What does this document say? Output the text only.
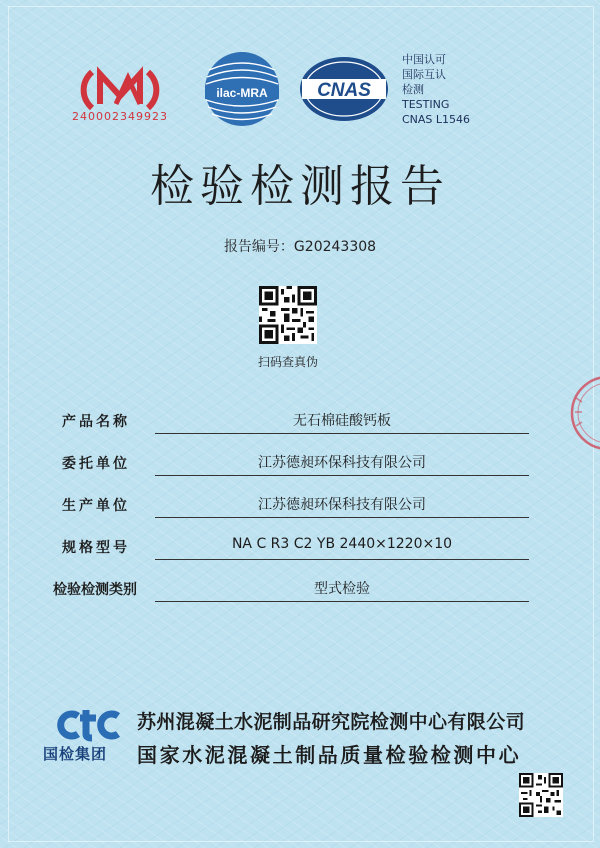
240002349923
ilac-MRA	CNAS
中国认可
国际互认
检测
TESTING
CNAS L1546
检验检测报告
报告编号：G20243308
扫码查真伪
产品名称	无石棉硅酸钙板
委托单位	江苏德昶环保科技有限公司
生产单位	江苏德昶环保科技有限公司
规格型号	NA C R3 C2 YB 2440×1220×10
检验检测类别	型式检验
国检集团
苏州混凝土水泥制品研究院检测中心有限公司
国家水泥混凝土制品质量检验检测中心
